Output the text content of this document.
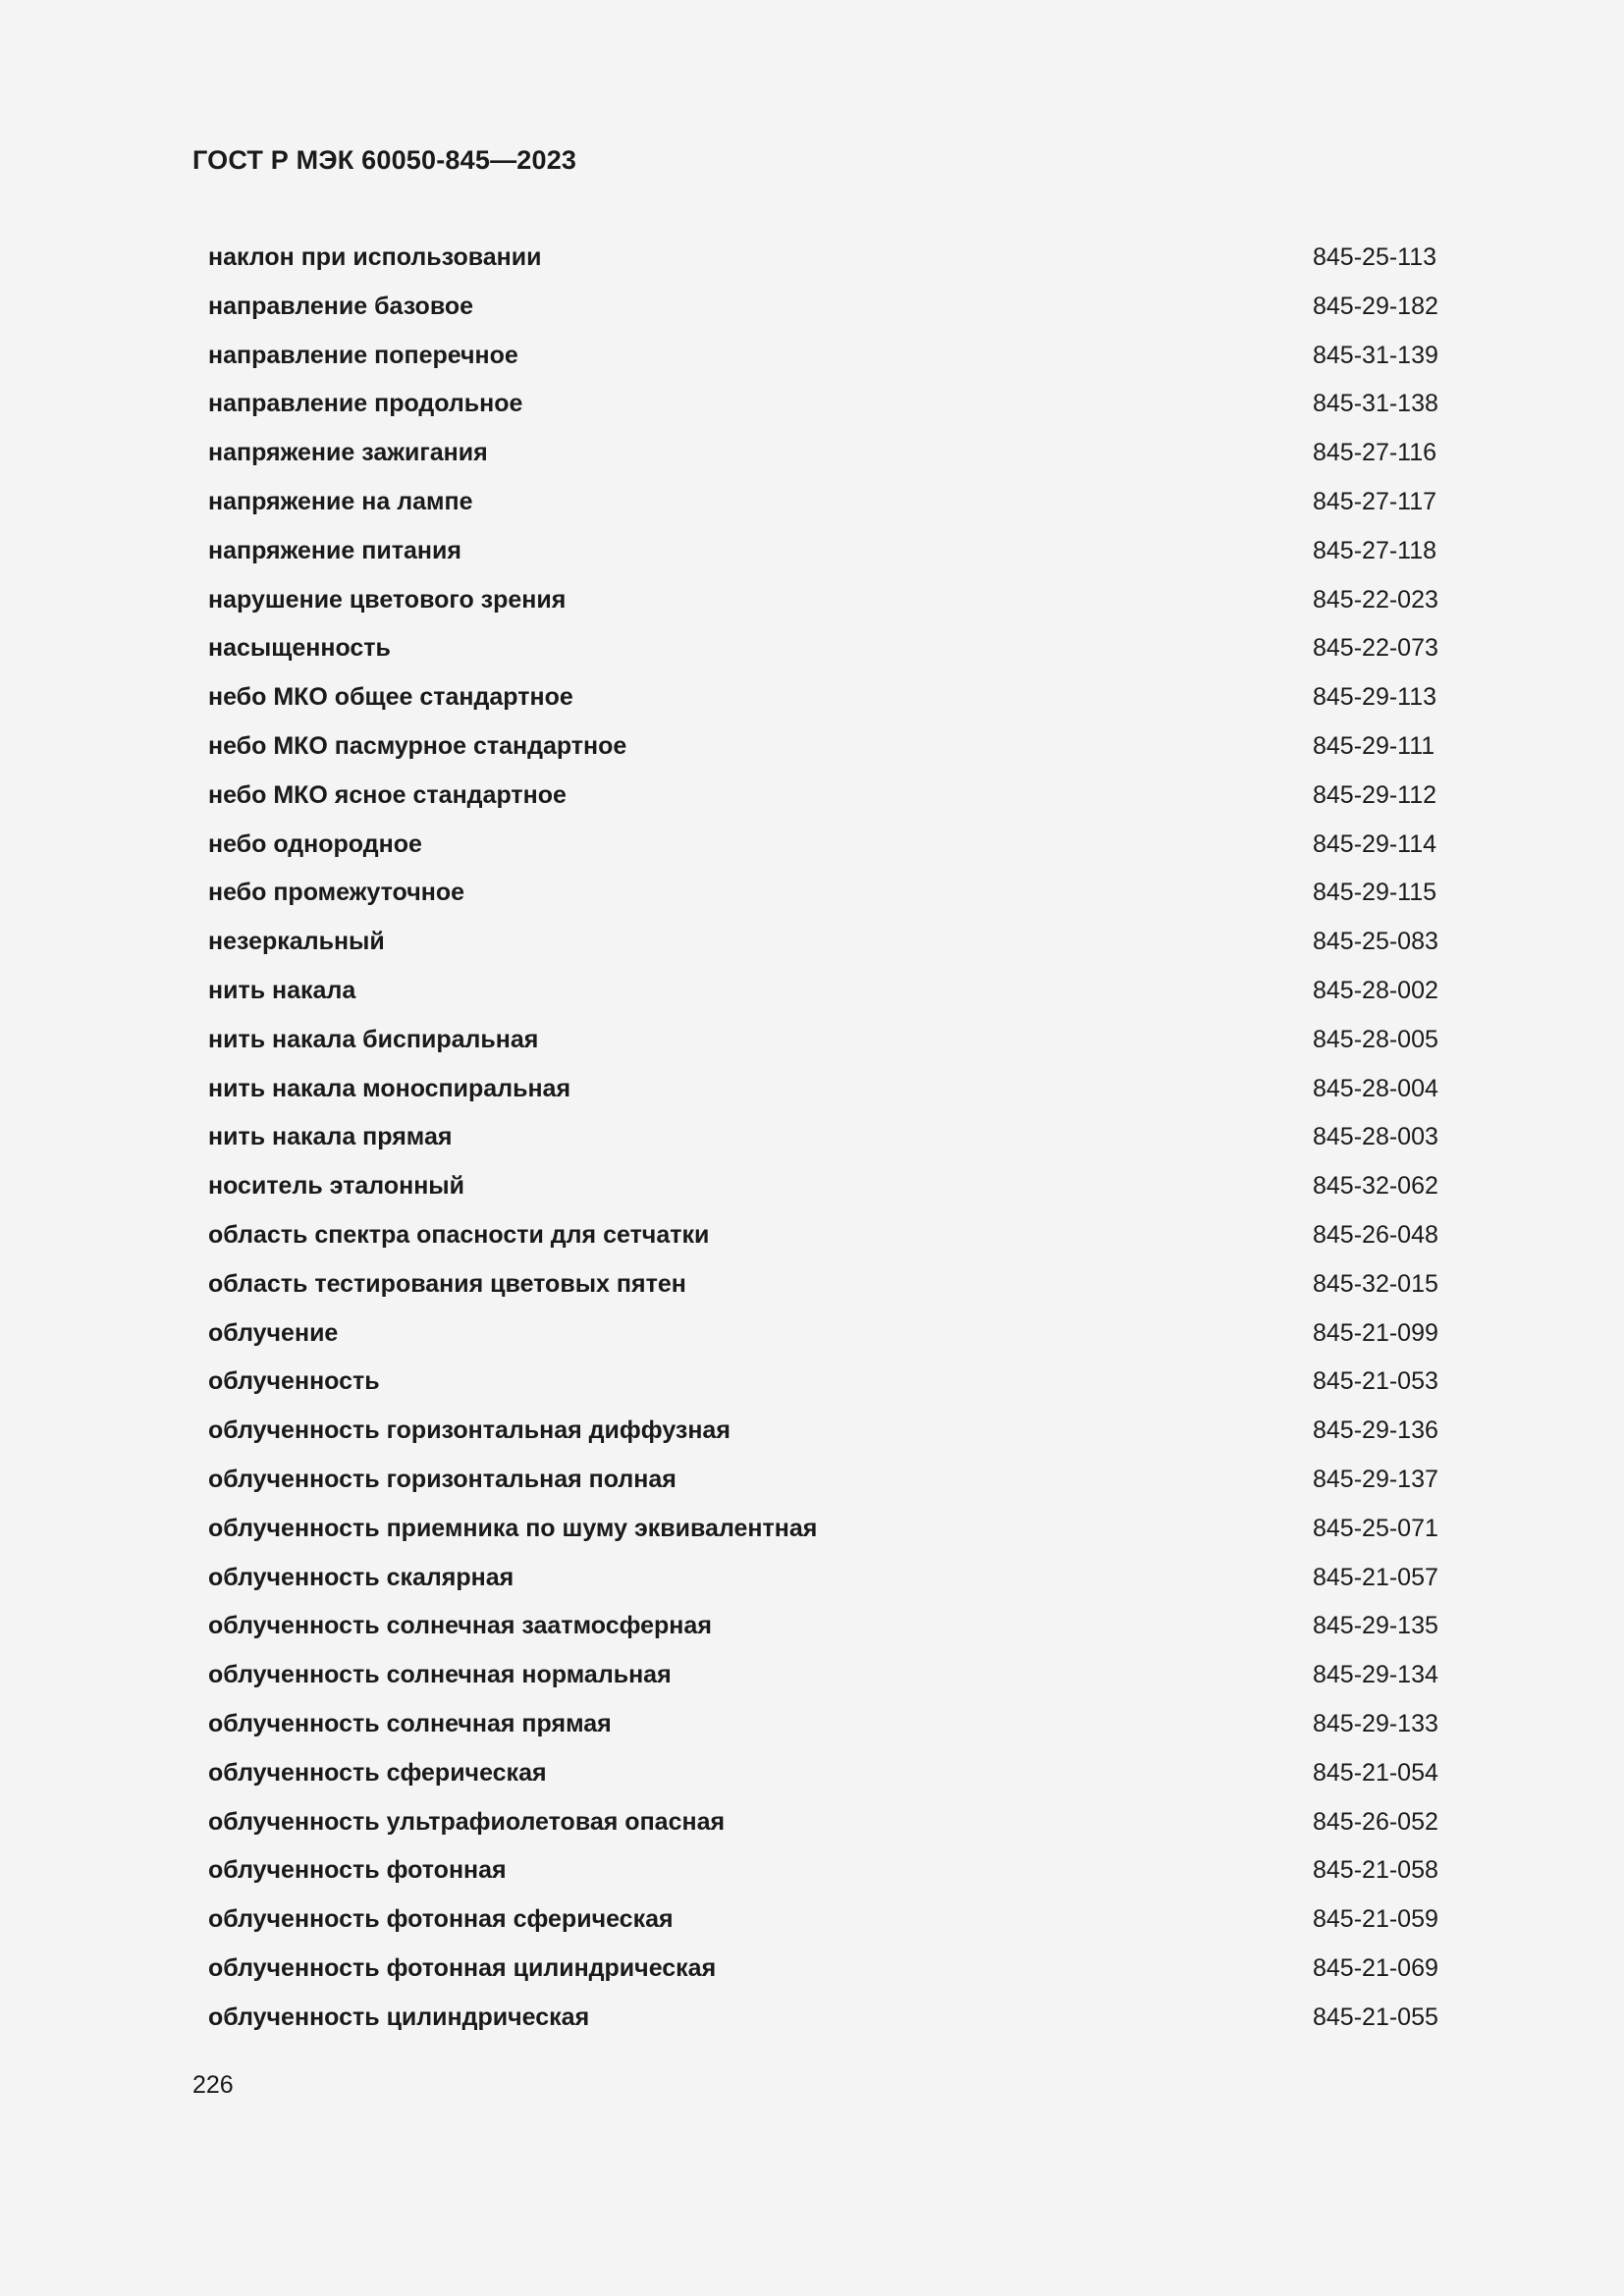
ГОСТ Р МЭК 60050-845—2023
наклон при использовании	845-25-113
направление базовое	845-29-182
направление поперечное	845-31-139
направление продольное	845-31-138
напряжение зажигания	845-27-116
напряжение на лампе	845-27-117
напряжение питания	845-27-118
нарушение цветового зрения	845-22-023
насыщенность	845-22-073
небо МКО общее стандартное	845-29-113
небо МКО пасмурное стандартное	845-29-111
небо МКО ясное стандартное	845-29-112
небо однородное	845-29-114
небо промежуточное	845-29-115
незеркальный	845-25-083
нить накала	845-28-002
нить накала биспиральная	845-28-005
нить накала моноспиральная	845-28-004
нить накала прямая	845-28-003
носитель эталонный	845-32-062
область спектра опасности для сетчатки	845-26-048
область тестирования цветовых пятен	845-32-015
облучение	845-21-099
облученность	845-21-053
облученность горизонтальная диффузная	845-29-136
облученность горизонтальная полная	845-29-137
облученность приемника по шуму эквивалентная	845-25-071
облученность скалярная	845-21-057
облученность солнечная заатмосферная	845-29-135
облученность солнечная нормальная	845-29-134
облученность солнечная прямая	845-29-133
облученность сферическая	845-21-054
облученность ультрафиолетовая опасная	845-26-052
облученность фотонная	845-21-058
облученность фотонная сферическая	845-21-059
облученность фотонная цилиндрическая	845-21-069
облученность цилиндрическая	845-21-055

226
